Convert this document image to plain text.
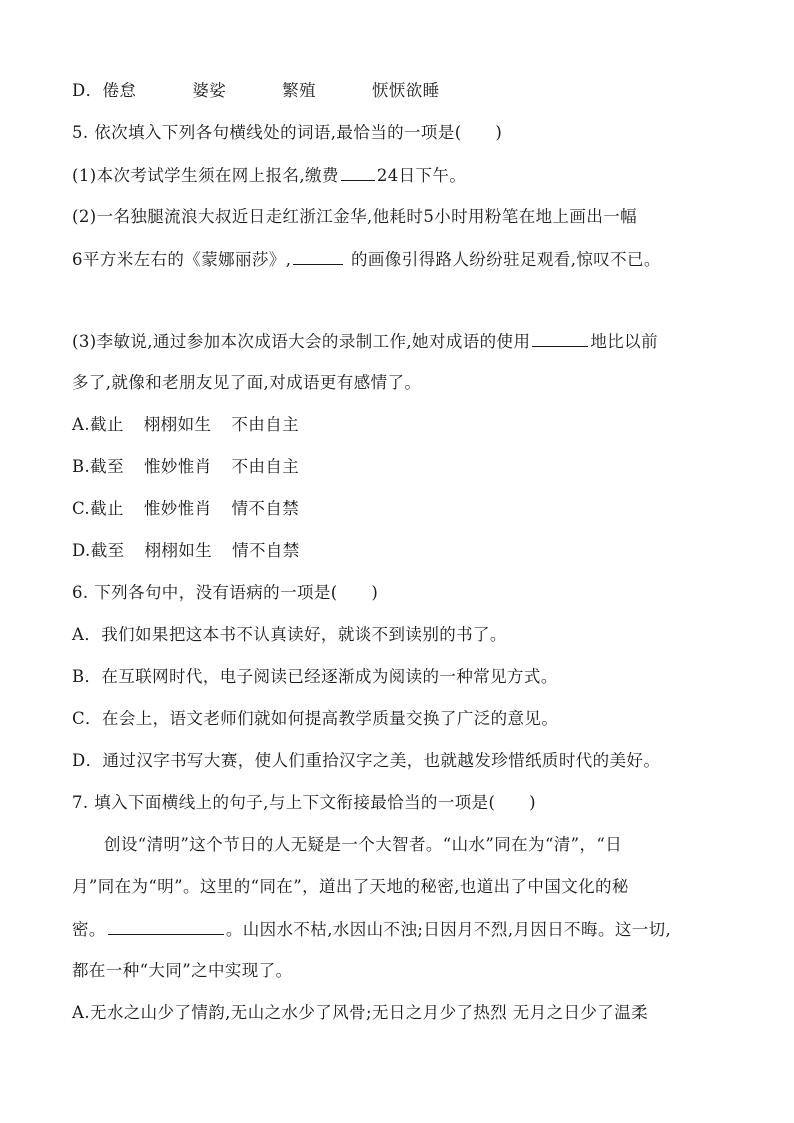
D．倦怠	婆娑	繁殖	恹恹欲睡
5. 依次填入下列各句横线处的词语,最恰当的一项是(　　)
(1)本次考试学生须在网上报名,缴费 24日下午。
(2)一名独腿流浪大叔近日走红浙江金华,他耗时5小时用粉笔在地上画出一幅
6平方米左右的《蒙娜丽莎》,	的画像引得路人纷纷驻足观看,惊叹不已。
(3)李敏说,通过参加本次成语大会的录制工作,她对成语的使用	地比以前
多了,就像和老朋友见了面,对成语更有感情了。
A.截止 栩栩如生 不由自主
B.截至 惟妙惟肖 不由自主
C.截止 惟妙惟肖 情不自禁
D.截至 栩栩如生 情不自禁
6. 下列各句中，没有语病的一项是(　　)
A．我们如果把这本书不认真读好，就谈不到读别的书了。
B．在互联网时代，电子阅读已经逐渐成为阅读的一种常见方式。
C．在会上，语文老师们就如何提高教学质量交换了广泛的意见。
D．通过汉字书写大赛，使人们重拾汉字之美，也就越发珍惜纸质时代的美好。
7. 填入下面横线上的句子,与上下文衔接最恰当的一项是(　　)
创设“清明”这个节日的人无疑是一个大智者。“山水”同在为“清”，“日
月”同在为“明”。这里的“同在”，道出了天地的秘密,也道出了中国文化的秘
密。	。山因水不枯,水因山不浊;日因月不烈,月因日不晦。这一切,
都在一种“大同”之中实现了。
A.无水之山少了情韵,无山之水少了风骨;无日之月少了热烈 无月之日少了温柔
